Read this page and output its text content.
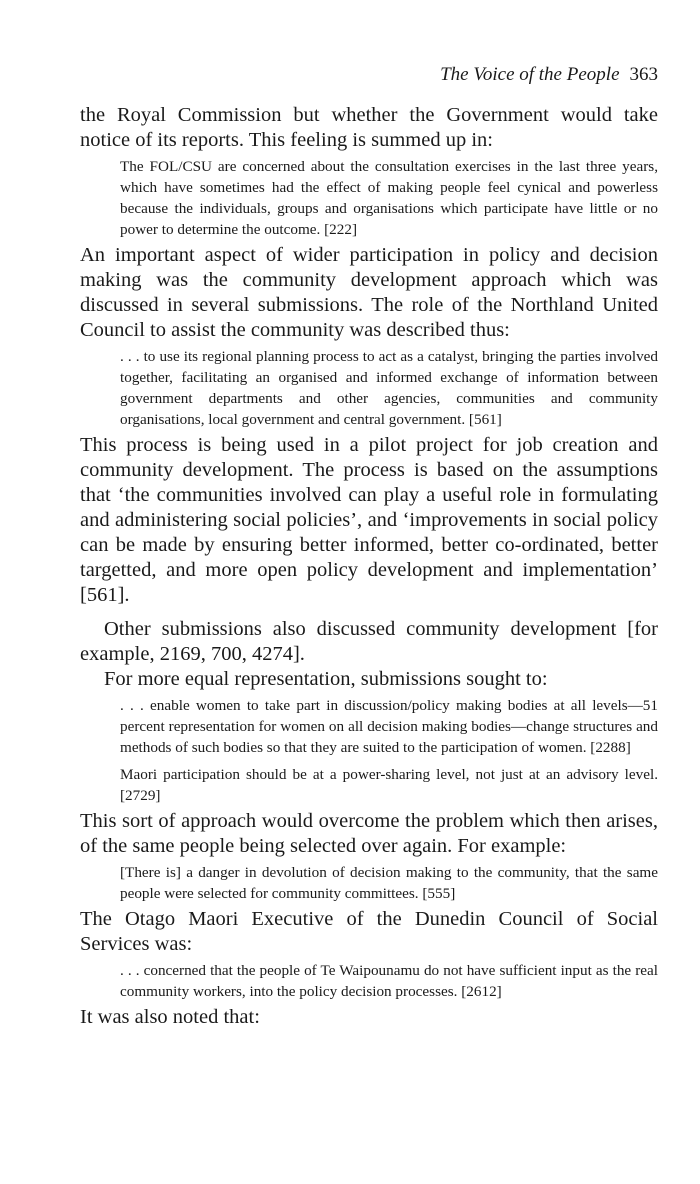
The Voice of the People 363

the Royal Commission but whether the Government would take notice of its reports. This feeling is summed up in:

The FOL/CSU are concerned about the consultation exercises in the last three years, which have sometimes had the effect of making people feel cynical and powerless because the individuals, groups and organisations which participate have little or no power to determine the outcome. [222]

An important aspect of wider participation in policy and decision making was the community development approach which was discussed in several submissions. The role of the Northland United Council to assist the community was described thus:

. . . to use its regional planning process to act as a catalyst, bringing the parties involved together, facilitating an organised and informed exchange of information between government departments and other agencies, communities and community organisations, local government and central government. [561]

This process is being used in a pilot project for job creation and community development. The process is based on the assumptions that ‘the communities involved can play a useful role in formulating and administering social policies’, and ‘improvements in social policy can be made by ensuring better informed, better co-ordinated, better targetted, and more open policy development and implementation’ [561].

Other submissions also discussed community development [for example, 2169, 700, 4274].

For more equal representation, submissions sought to:

. . . enable women to take part in discussion/policy making bodies at all levels—51 percent representation for women on all decision making bodies—change structures and methods of such bodies so that they are suited to the participation of women. [2288]

Maori participation should be at a power-sharing level, not just at an advisory level. [2729]

This sort of approach would overcome the problem which then arises, of the same people being selected over again. For example:

[There is] a danger in devolution of decision making to the community, that the same people were selected for community committees. [555]

The Otago Maori Executive of the Dunedin Council of Social Services was:

. . . concerned that the people of Te Waipounamu do not have sufficient input as the real community workers, into the policy decision processes. [2612]

It was also noted that:
